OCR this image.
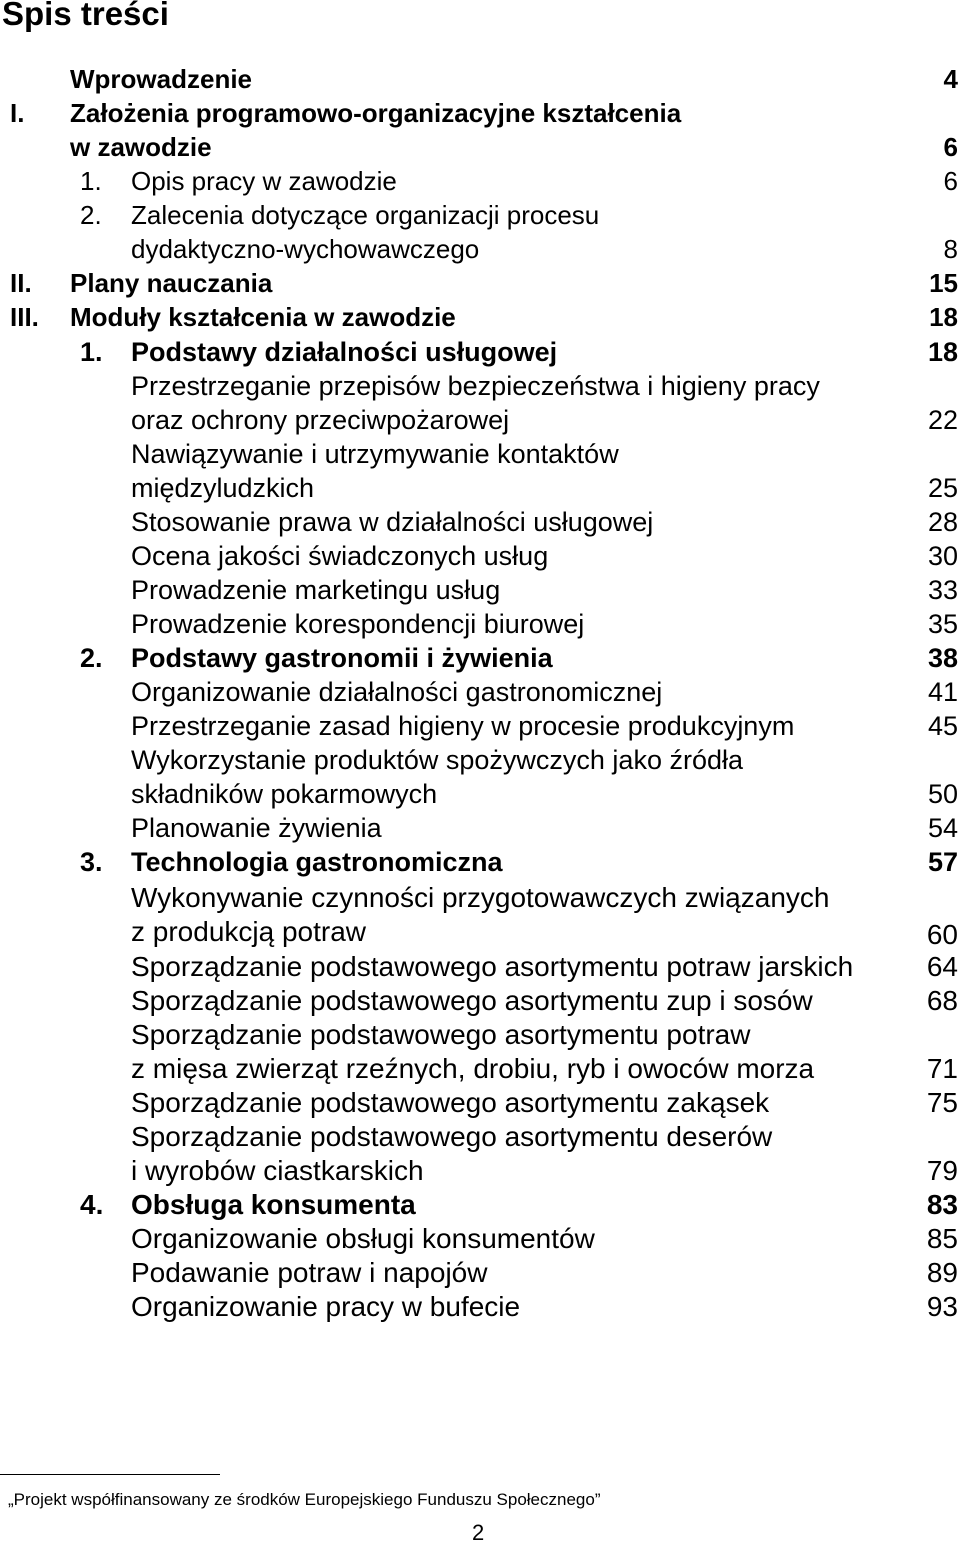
Spis treści
Wprowadzenie	4
I. Założenia programowo-organizacyjne kształcenia
w zawodzie	6
1. Opis pracy w zawodzie	6
2. Zalecenia dotyczące organizacji procesu
dydaktyczno-wychowawczego	8
II. Plany nauczania	15
III. Moduły kształcenia w zawodzie	18
1. Podstawy działalności usługowej	18
Przestrzeganie przepisów bezpieczeństwa i higieny pracy
oraz ochrony przeciwpożarowej	22
Nawiązywanie i utrzymywanie kontaktów
międzyludzkich	25
Stosowanie prawa w działalności usługowej	28
Ocena jakości świadczonych usług	30
Prowadzenie marketingu usług	33
Prowadzenie korespondencji biurowej	35
2. Podstawy gastronomii i żywienia	38
Organizowanie działalności gastronomicznej	41
Przestrzeganie zasad higieny w procesie produkcyjnym	45
Wykorzystanie produktów spożywczych jako źródła
składników pokarmowych	50
Planowanie żywienia	54
3. Technologia gastronomiczna	57
Wykonywanie czynności przygotowawczych związanych
z produkcją potraw	60
Sporządzanie podstawowego asortymentu potraw jarskich	64
Sporządzanie podstawowego asortymentu zup i sosów	68
Sporządzanie podstawowego asortymentu potraw
z mięsa zwierząt rzeźnych, drobiu, ryb i owoców morza	71
Sporządzanie podstawowego asortymentu zakąsek	75
Sporządzanie podstawowego asortymentu deserów
i wyrobów ciastkarskich	79
4. Obsługa konsumenta	83
Organizowanie obsługi konsumentów	85
Podawanie potraw i napojów	89
Organizowanie pracy w bufecie	93
„Projekt współfinansowany ze środków Europejskiego Funduszu Społecznego”
2
